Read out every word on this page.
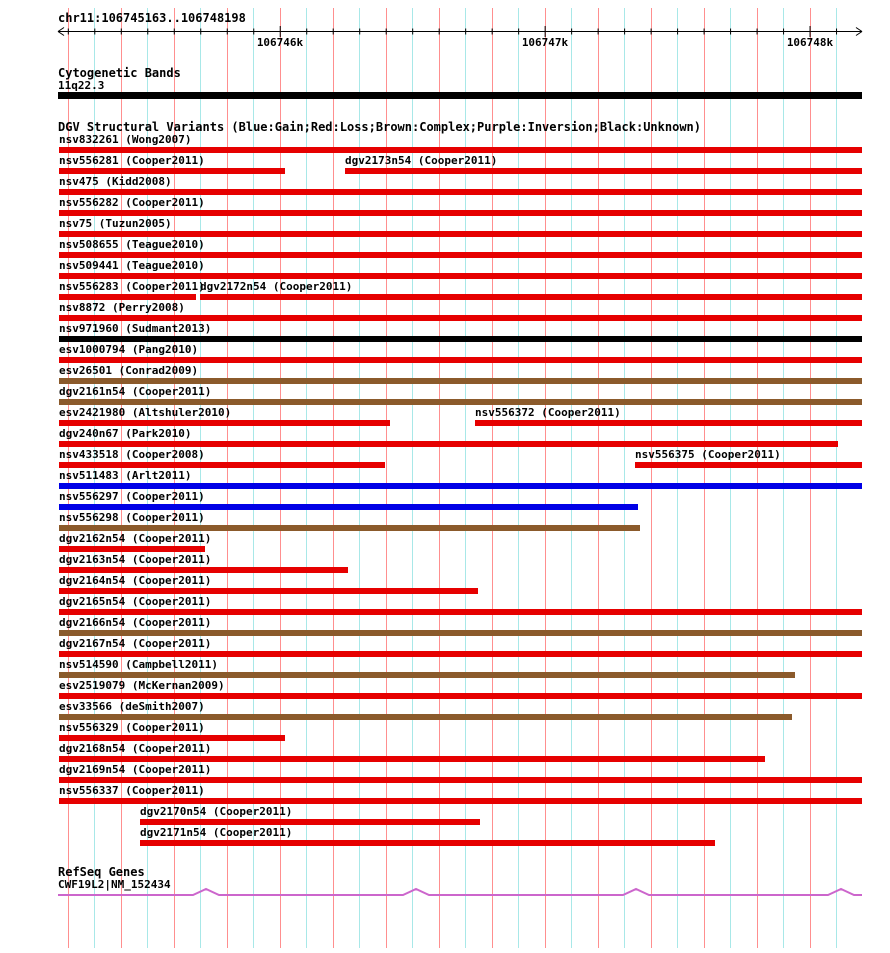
chr11:106745163..106748198
Cytogenetic Bands
11q22.3
DGV Structural Variants (Blue:Gain;Red:Loss;Brown:Complex;Purple:Inversion;Black:Unknown)
nsv832261 (Wong2007)
nsv556281 (Cooper2011)	dgv2173n54 (Cooper2011)
nsv475 (Kidd2008)
nsv556282 (Cooper2011)
nsv75 (Tuzun2005)
nsv508655 (Teague2010)
nsv509441 (Teague2010)
nsv556283 (Cooper2011)
dgv2172n54 (Cooper2011)
nsv8872 (Perry2008)
nsv971960 (Sudmant2013)
esv1000794 (Pang2010)
esv26501 (Conrad2009)
dgv2161n54 (Cooper2011)
esv2421980 (Altshuler2010)	nsv556372 (Cooper2011)
dgv240n67 (Park2010)
nsv433518 (Cooper2008)	nsv556375 (Cooper2011)
nsv511483 (Arlt2011)
nsv556297 (Cooper2011)
nsv556298 (Cooper2011)
dgv2162n54 (Cooper2011)
dgv2163n54 (Cooper2011)
dgv2164n54 (Cooper2011)
dgv2165n54 (Cooper2011)
dgv2166n54 (Cooper2011)
dgv2167n54 (Cooper2011)
nsv514590 (Campbell2011)
esv2519079 (McKernan2009)
esv33566 (deSmith2007)
nsv556329 (Cooper2011)
dgv2168n54 (Cooper2011)
dgv2169n54 (Cooper2011)
nsv556337 (Cooper2011)
dgv2170n54 (Cooper2011)
dgv2171n54 (Cooper2011)
RefSeq Genes
CWF19L2|NM_152434
106746k	106747k	106748k
